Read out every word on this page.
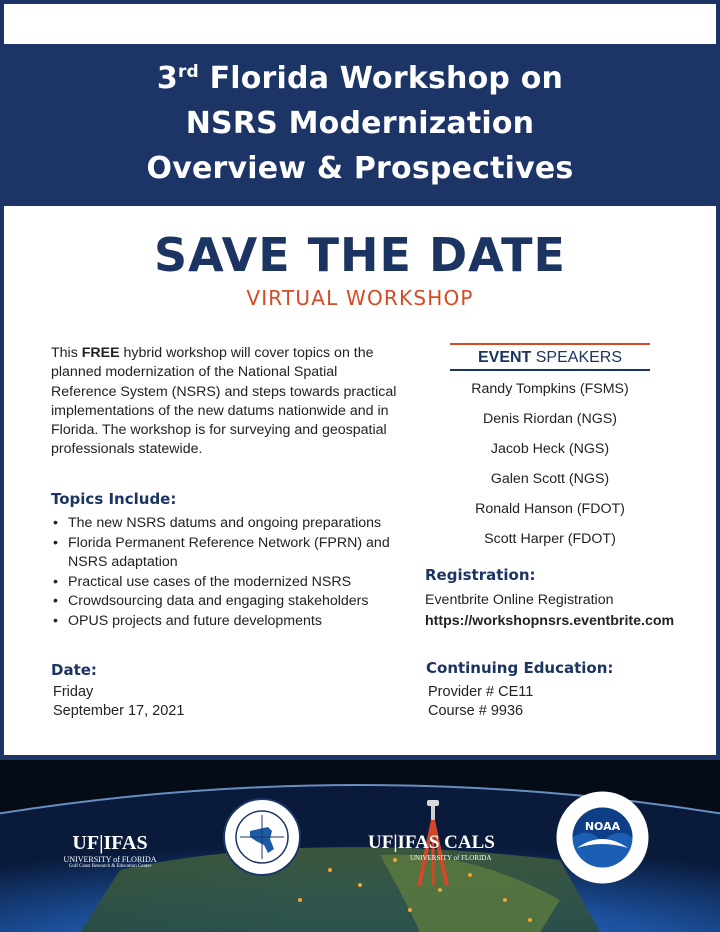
3rd Florida Workshop on
NSRS Modernization
Overview & Prospectives
SAVE THE DATE
VIRTUAL WORKSHOP
This FREE hybrid workshop will cover topics on the planned modernization of the National Spatial Reference System (NSRS) and steps towards practical implementations of the new datums nationwide and in Florida. The workshop is for surveying and geospatial professionals statewide.
Topics Include:
• The new NSRS datums and ongoing preparations
• Florida Permanent Reference Network (FPRN) and NSRS adaptation
• Practical use cases of the modernized NSRS
• Crowdsourcing data and engaging stakeholders
• OPUS projects and future developments
Date:
Friday
September 17, 2021
EVENT SPEAKERS
Randy Tompkins (FSMS)
Denis Riordan (NGS)
Jacob Heck (NGS)
Galen Scott (NGS)
Ronald Hanson (FDOT)
Scott Harper (FDOT)
Registration:
Eventbrite Online Registration
https://workshopnsrs.eventbrite.com
Continuing Education:
Provider # CE11
Course # 9936
UF|IFAS
UNIVERSITY of FLORIDA
Gulf Coast Research & Education Center
UF|IFAS CALS
UNIVERSITY of FLORIDA
NOAA
